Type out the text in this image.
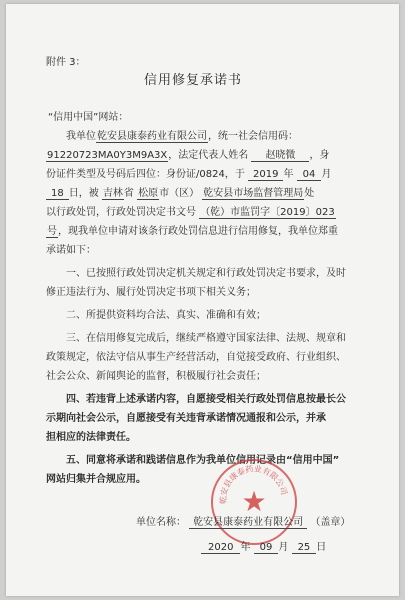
附件 3：
信用修复承诺书
“信用中国”网站：
我单位乾安县康泰药业有限公司，统一社会信用码：
91220723MA0Y3M9A3X，法定代表人姓名 赵晓微 ，身
份证件类型及号码后四位：身份证/0824，于 2019 年 04 月
18 日，被 吉林省 松原市（区） 乾安县市场监督管理局处
以行政处罚，行政处罚决定书文号 （乾）市监罚字〔2019〕023
号，现我单位申请对该条行政处罚信息进行信用修复，我单位郑重
承诺如下：
一、已按照行政处罚决定机关规定和行政处罚决定书要求，及时
修正违法行为、履行处罚决定书项下相关义务；
二、所提供资料均合法、真实、准确和有效；
三、在信用修复完成后，继续严格遵守国家法律、法规、规章和
政策规定，依法守信从事生产经营活动，自觉接受政府、行业组织、
社会公众、新闻舆论的监督，积极履行社会责任；
四、若违背上述承诺内容，自愿接受相关行政处罚信息按最长公
示期向社会公示，自愿接受有关违背承诺情况通报和公示，并承
担相应的法律责任。
五、同意将承诺和践诺信息作为我单位信用记录由“信用中国”
网站归集并合规应用。
乾安县康泰药业有限公司
★
单位名称： 乾安县康泰药业有限公司 （盖章）
2020 年 09 月 25 日
